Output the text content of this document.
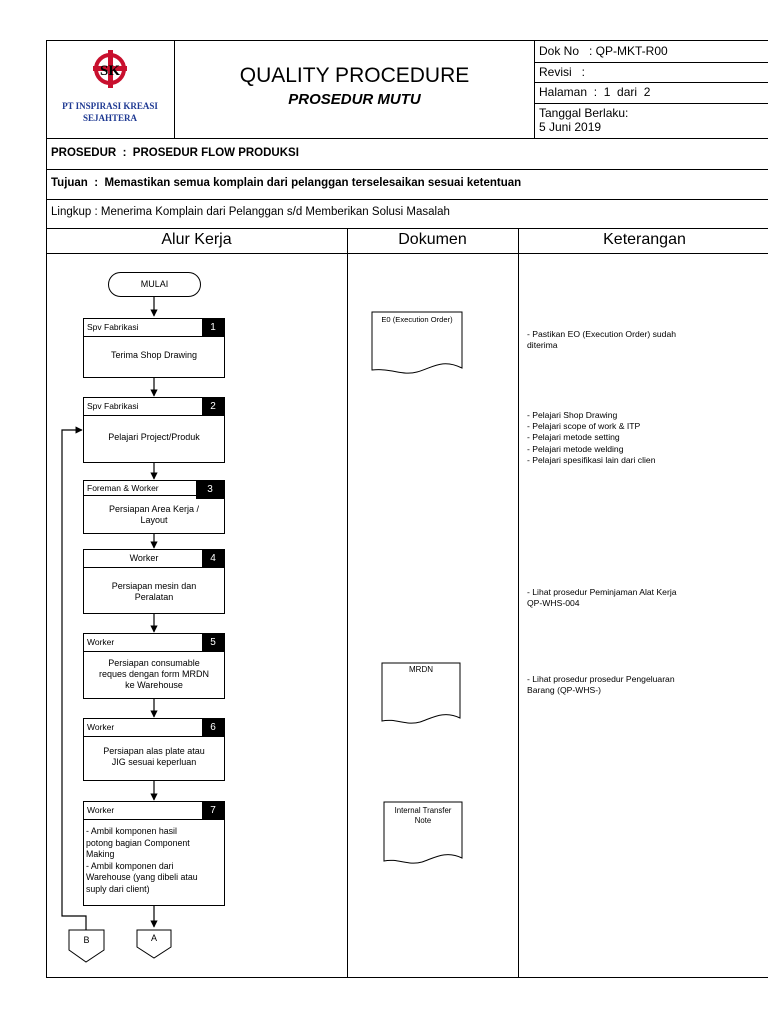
SK
PT INSPIRASI KREASI
SEJAHTERA
QUALITY PROCEDURE
PROSEDUR MUTU
Dok No   : QP-MKT-R00
Revisi   :
Halaman  :  1  dari  2
Tanggal Berlaku:
5 Juni 2019
PROSEDUR  :  PROSEDUR FLOW PRODUKSI
Tujuan  :  Memastikan semua komplain dari pelanggan terselesaikan sesuai ketentuan
Lingkup : Menerima Komplain dari Pelanggan s/d Memberikan Solusi Masalah
Alur Kerja	Dokumen	Keterangan
MULAI
Spv Fabrikasi	1
Terima Shop Drawing
Spv Fabrikasi	2
Pelajari Project/Produk
Foreman & Worker	3
Persiapan Area Kerja /
Layout
Worker	4
Persiapan mesin dan
Peralatan
Worker	5
Persiapan consumable
reques dengan form MRDN
ke Warehouse
Worker	6
Persiapan alas plate atau
JIG sesuai keperluan
Worker	7
- Ambil komponen hasil
potong bagian Component
Making
- Ambil komponen dari
Warehouse (yang dibeli atau
suply dari client)
B	A
E0 (Execution Order)
MRDN
Internal Transfer
Note
- Pastikan EO (Execution Order) sudah
diterima
- Pelajari Shop Drawing
- Pelajari scope of work & ITP
- Pelajari metode setting
- Pelajari metode welding
- Pelajari spesifikasi lain dari clien
- Lihat prosedur Peminjaman Alat Kerja
QP-WHS-004
- Lihat prosedur prosedur Pengeluaran
Barang (QP-WHS-)
